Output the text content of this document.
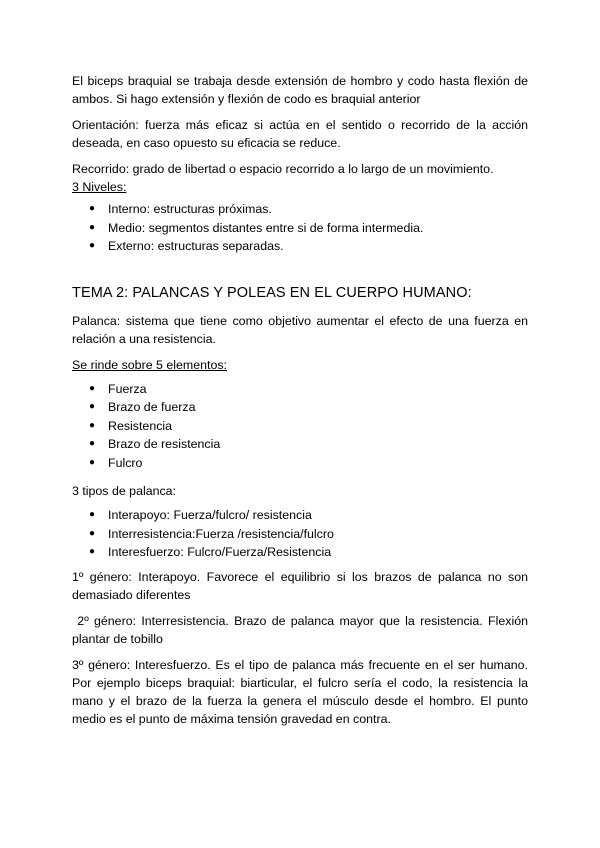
El biceps braquial se trabaja desde extensión de hombro y codo hasta flexión de ambos. Si hago extensión y flexión de codo es braquial anterior

Orientación: fuerza más eficaz si actúa en el sentido o recorrido de la acción deseada, en caso opuesto su eficacia se reduce.

Recorrido: grado de libertad o espacio recorrido a lo largo de un movimiento.

3 Niveles:

● Interno: estructuras próximas.
● Medio: segmentos distantes entre si de forma intermedia.
● Externo: estructuras separadas.

TEMA 2: PALANCAS Y POLEAS EN EL CUERPO HUMANO:

Palanca: sistema que tiene como objetivo aumentar el efecto de una fuerza en relación a una resistencia.

Se rinde sobre 5 elementos:

● Fuerza
● Brazo de fuerza
● Resistencia
● Brazo de resistencia
● Fulcro

3 tipos de palanca:

● Interapoyo: Fuerza/fulcro/ resistencia
● Interresistencia:Fuerza /resistencia/fulcro
● Interesfuerzo: Fulcro/Fuerza/Resistencia

1º género: Interapoyo. Favorece el equilibrio si los brazos de palanca no son demasiado diferentes

2º género: Interresistencia. Brazo de palanca mayor que la resistencia. Flexión plantar de tobillo

3º género: Interesfuerzo. Es el tipo de palanca más frecuente en el ser humano. Por ejemplo biceps braquial: biarticular, el fulcro sería el codo, la resistencia la mano y el brazo de la fuerza la genera el músculo desde el hombro. El punto medio es el punto de máxima tensión gravedad en contra.
